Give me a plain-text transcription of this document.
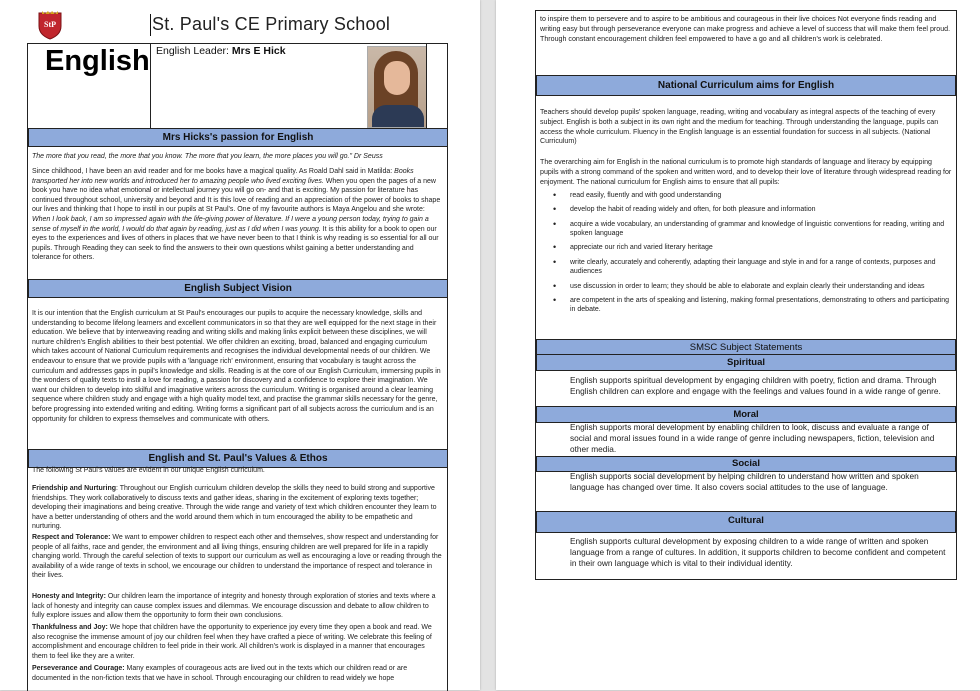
StP	St. Paul's CE Primary School
English English Leader: Mrs E Hick
Mrs Hicks's passion for English

The more that you read, the more that you know. The more that you learn, the more places you will go." Dr Seuss

Since childhood, I have been an avid reader and for me books have a magical quality. As Roald Dahl said in Matilda: Books transported her into new worlds and introduced her to amazing people who lived exciting lives. When you open the pages of a new book you have no idea what emotional or intellectual journey you will go on- and that is exciting. My passion for literature has continued throughout school, university and beyond and It is this love of reading and an appreciation of the power of books to shape our lives and thinking that I hope to instil in our pupils at St Paul's. One of my favourite authors is Maya Angelou and she wrote: When I look back, I am so impressed again with the life-giving power of literature. If I were a young person today, trying to gain a sense of myself in the world, I would do that again by reading, just as I did when I was young. It is this ability for a book to open our eyes to the experiences and lives of others in places that we have never been to that I think is why reading is so essential for all our pupils. Through Reading they can seek to find the answers to their own questions whilst gaining a better understanding and tolerance for others.

English Subject Vision

It is our intention that the English curriculum at St Paul's encourages our pupils to acquire the necessary knowledge, skills and understanding to become lifelong learners and excellent communicators in so that they are well equipped for the next stage in their education. We believe that by interweaving reading and writing skills and making links explicit between these disciplines, we will nurture children's English abilities to their best potential. We offer children an exciting, broad, balanced and engaging curriculum which takes account of National Curriculum requirements and recognises the individual developmental needs of our children. We endeavour to ensure that we provide pupils with a 'language rich' environment, ensuring that vocabulary is taught across the curriculum and addresses gaps in pupil's knowledge and skills. Reading is at the core of our English Curriculum, immersing pupils in the wonders of quality texts to instil a love for reading, a passion for discovery and a confidence to explore their imagination. We want our children to develop into skilful and imaginative writers across the curriculum. Writing is organised around a clear learning sequence where children study and engage with a high quality model text, and practise the grammar skills necessary for the genre, before progressing into extended writing and editing. Writing forms a significant part of all subjects across the curriculum and is an opportunity for children to express themselves and communicate with others.

English and St. Paul's Values & Ethos

The following St Paul's values are evident in our unique English curriculum.

Friendship and Nurturing: Throughout our English curriculum children develop the skills they need to build strong and supportive friendships. They work collaboratively to discuss texts and gather ideas, sharing in the excitement of exploring texts together; developing their imaginations and being creative. Through the wide range and variety of text which children encounter they learn to have a better understanding of others and the world around them which in turn encouraged the ability to be empathetic and nurturing.

Respect and Tolerance: We want to empower children to respect each other and themselves, show respect and understanding for people of all faiths, race and gender, the environment and all living things, ensuring children are well prepared for life in a rapidly changing world. Through the careful selection of texts to support our curriculum as well as encouraging a love or reading through the availability of a wide range of texts in school, we encourage our children to understand the importance of respect and tolerance in their lives.

Honesty and Integrity: Our children learn the importance of integrity and honesty through exploration of stories and texts where a lack of honesty and integrity can cause complex issues and dilemmas. We encourage discussion and debate to allow children to fully explore issues and allow them the opportunity to form their own conclusions.

Thankfulness and Joy: We hope that children have the opportunity to experience joy every time they open a book and read. We also recognise the immense amount of joy our children feel when they have crafted a piece of writing. We celebrate this feeling of accomplishment and encourage children to feel pride in their work. All children's work is displayed in a manner that encourages them to feel like they are a writer.

Perseverance and Courage: Many examples of courageous acts are lived out in the texts which our children read or are documented in the non-fiction texts that we have in school. Through encouraging our children to read widely we hope

to inspire them to persevere and to aspire to be ambitious and courageous in their live choices Not everyone finds reading and writing easy but through perseverance everyone can make progress and achieve a level of success that will make them feel proud. Through constant encouragement children feel empowered to have a go and all children's work is celebrated.

National Curriculum aims for English

Teachers should develop pupils' spoken language, reading, writing and vocabulary as integral aspects of the teaching of every subject. English is both a subject in its own right and the medium for teaching. Through understanding the language, pupils can access the whole curriculum. Fluency in the English language is an essential foundation for success in all subjects. (National Curriculum)

The overarching aim for English in the national curriculum is to promote high standards of language and literacy by equipping pupils with a strong command of the spoken and written word, and to develop their love of literature through widespread reading for enjoyment. The national curriculum for English aims to ensure that all pupils:

• read easily, fluently and with good understanding
• develop the habit of reading widely and often, for both pleasure and information
• acquire a wide vocabulary, an understanding of grammar and knowledge of linguistic conventions for reading, writing and spoken language
• appreciate our rich and varied literary heritage
• write clearly, accurately and coherently, adapting their language and style in and for a range of contexts, purposes and audiences
• use discussion in order to learn; they should be able to elaborate and explain clearly their understanding and ideas
• are competent in the arts of speaking and listening, making formal presentations, demonstrating to others and participating in debate.
SMSC Subject Statements
Spiritual

English supports spiritual development by engaging children with poetry, fiction and drama. Through English children can explore and engage with the feelings and values found in a wide range of genre.

Moral

English supports moral development by enabling children to look, discuss and evaluate a range of social and moral issues found in a wide range of genre including newspapers, fiction, television and other media.

Social

English supports social development by helping children to understand how written and spoken language has changed over time. It also covers social attitudes to the use of language.

Cultural

English supports cultural development by exposing children to a wide range of written and spoken language from a range of cultures. In addition, it supports children to become confident and competent in their own language which is vital to their individual identity.
